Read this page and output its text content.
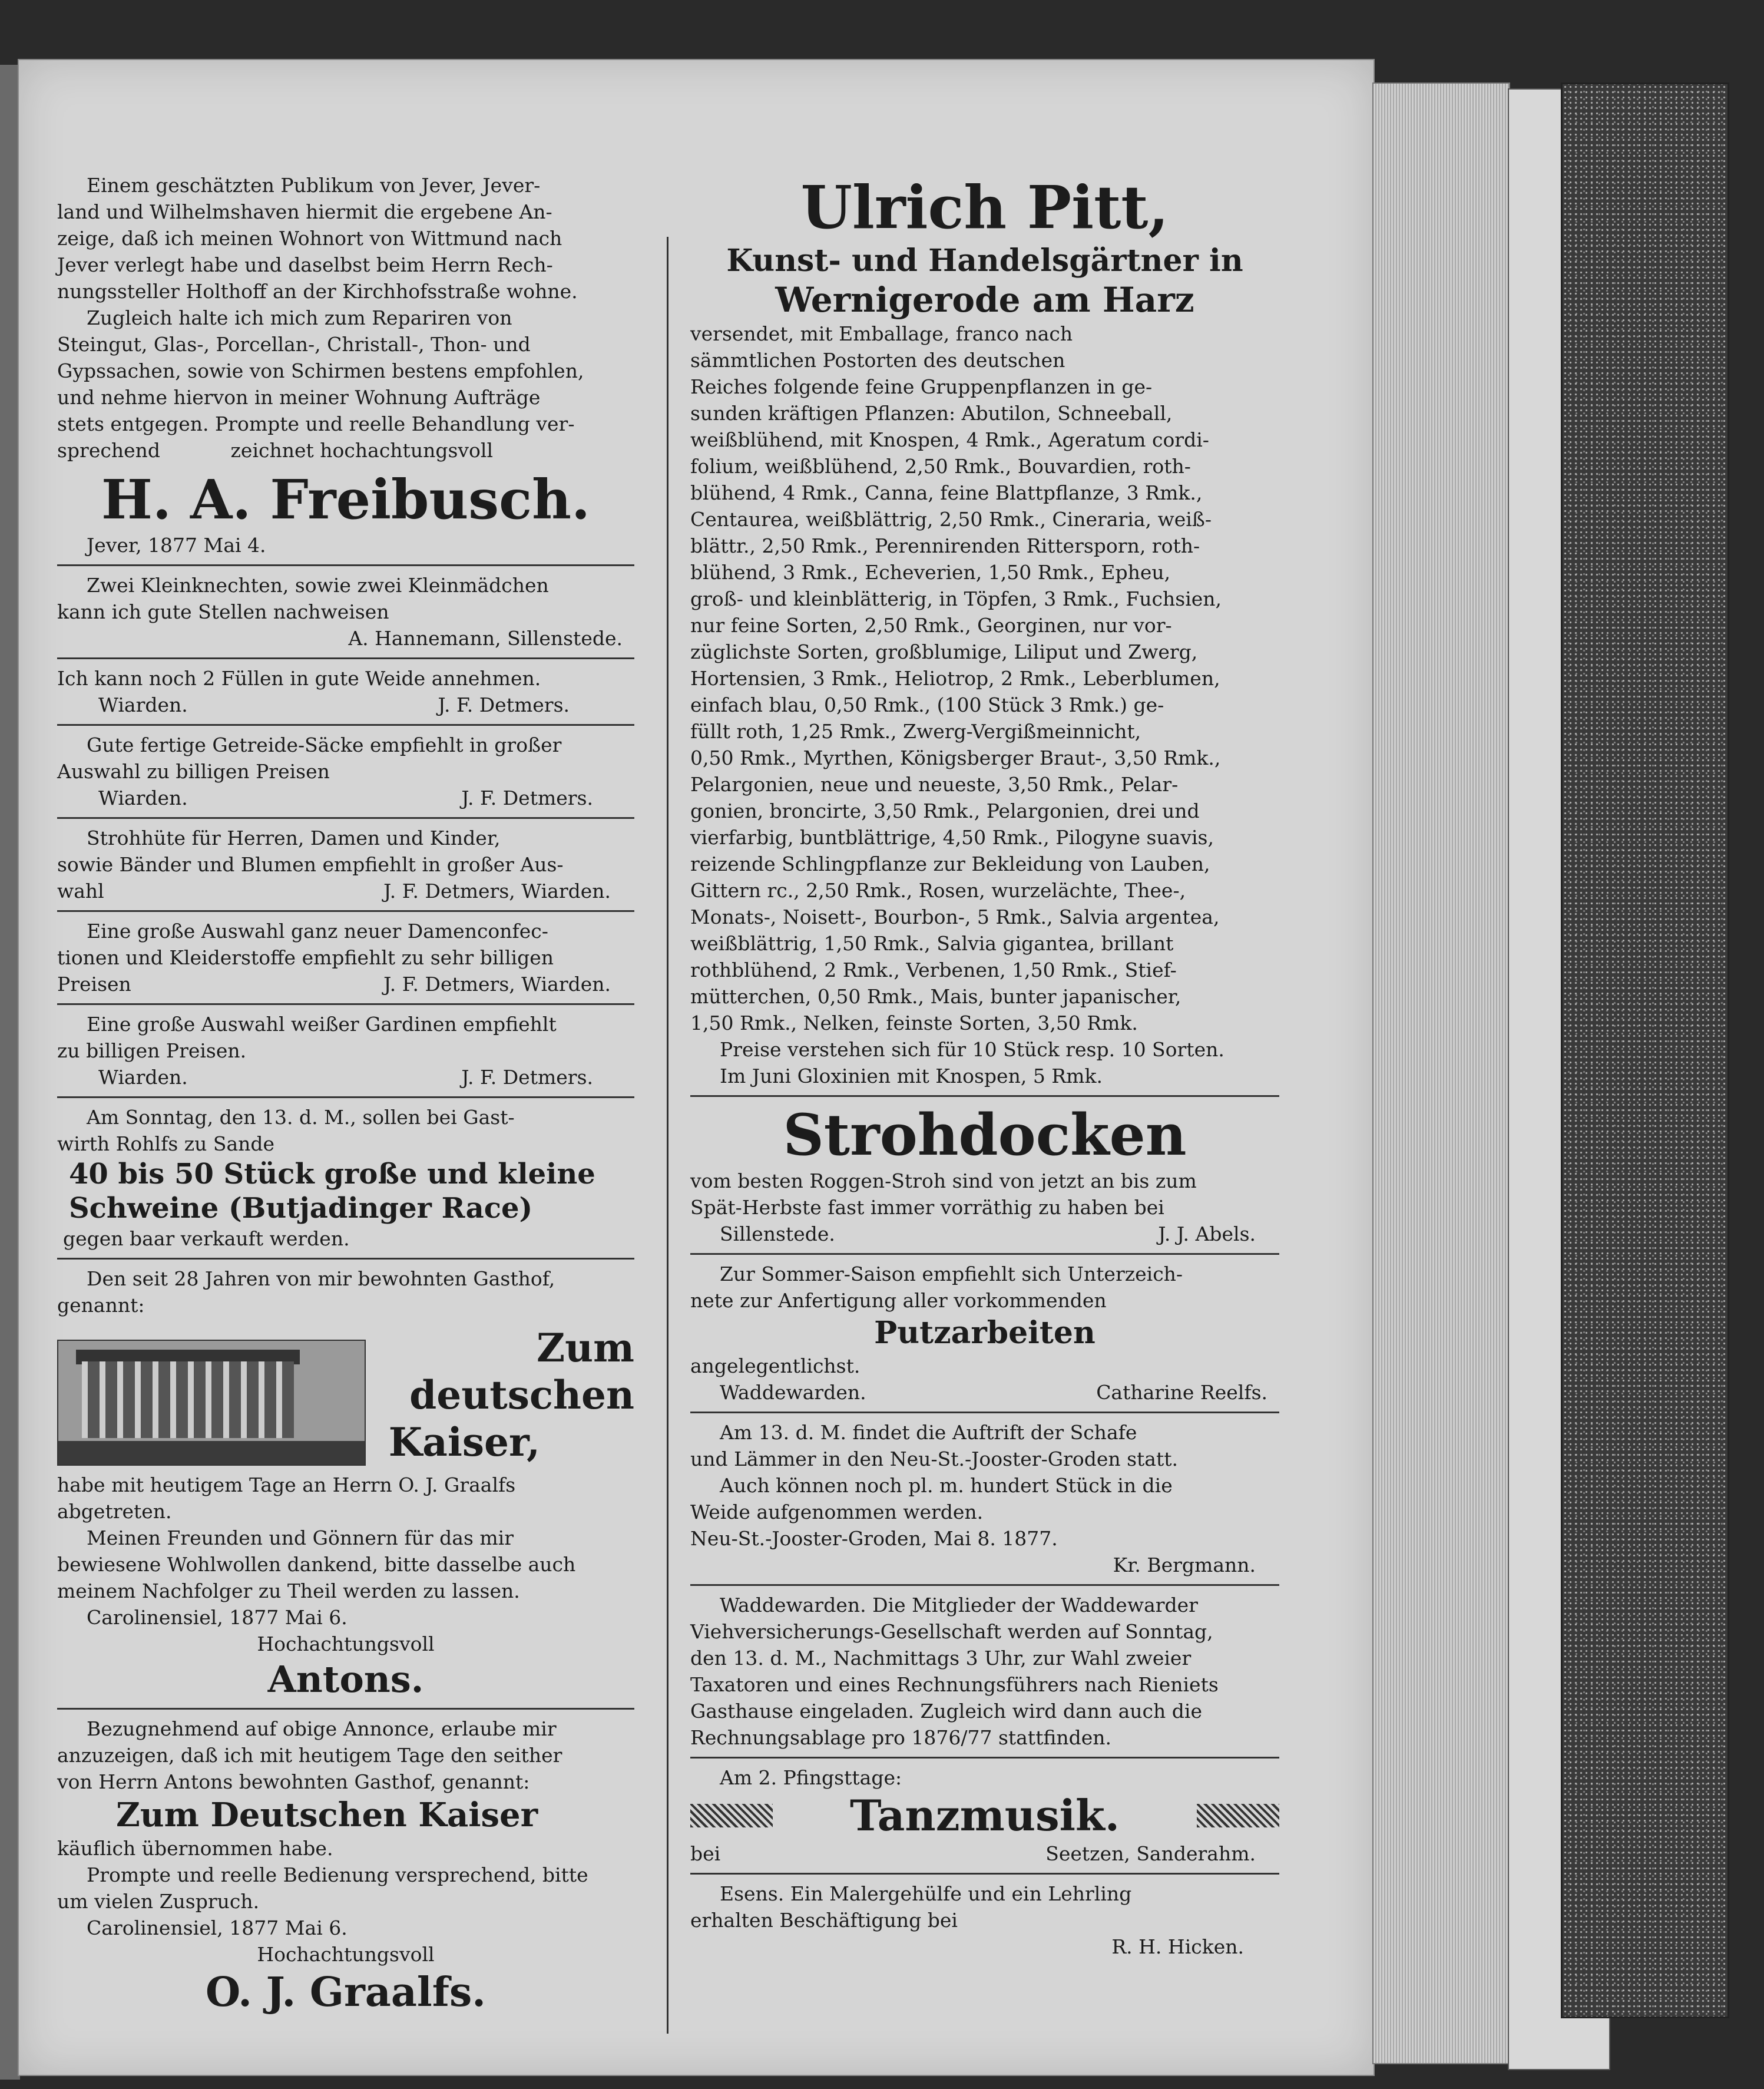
Einem geschätzten Publikum von Jever, Jever-

land und Wilhelmshaven hiermit die ergebene An-

zeige, daß ich meinen Wohnort von Wittmund nach

Jever verlegt habe und daselbst beim Herrn Rech-

nungssteller Holthoff an der Kirchhofsstraße wohne.

Zugleich halte ich mich zum Repariren von

Steingut, Glas-, Porcellan-, Christall-, Thon- und

Gypssachen, sowie von Schirmen bestens empfohlen,

und nehme hiervon in meiner Wohnung Aufträge

stets entgegen. Prompte und reelle Behandlung ver-

sprechend	zeichnet hochachtungsvoll
H. A. Freibusch.

Jever, 1877 Mai 4.

Zwei Kleinknechten, sowie zwei Kleinmädchen

kann ich gute Stellen nachweisen

A. Hannemann, Sillenstede.

Ich kann noch 2 Füllen in gute Weide annehmen.

Wiarden.	J. F. Detmers.

Gute fertige Getreide-Säcke empfiehlt in großer

Auswahl zu billigen Preisen

Wiarden.	J. F. Detmers.

Strohhüte für Herren, Damen und Kinder,

sowie Bänder und Blumen empfiehlt in großer Aus-

wahl	J. F. Detmers, Wiarden.

Eine große Auswahl ganz neuer Damenconfec-

tionen und Kleiderstoffe empfiehlt zu sehr billigen

Preisen	J. F. Detmers, Wiarden.

Eine große Auswahl weißer Gardinen empfiehlt

zu billigen Preisen.

Wiarden.	J. F. Detmers.

Am Sonntag, den 13. d. M., sollen bei Gast-

wirth Rohlfs zu Sande

40 bis 50 Stück große und kleine
Schweine (Butjadinger Race)

gegen baar verkauft werden.

Den seit 28 Jahren von mir bewohnten Gasthof,

genannt:

Zum deutschen
Kaiser,

habe mit heutigem Tage an Herrn O. J. Graalfs

abgetreten.

Meinen Freunden und Gönnern für das mir

bewiesene Wohlwollen dankend, bitte dasselbe auch

meinem Nachfolger zu Theil werden zu lassen.

Carolinensiel, 1877 Mai 6.

Hochachtungsvoll

Antons.

Bezugnehmend auf obige Annonce, erlaube mir

anzuzeigen, daß ich mit heutigem Tage den seither

von Herrn Antons bewohnten Gasthof, genannt:

Zum Deutschen Kaiser

käuflich übernommen habe.

Prompte und reelle Bedienung versprechend, bitte

um vielen Zuspruch.

Carolinensiel, 1877 Mai 6.

Hochachtungsvoll

O. J. Graalfs.
Ulrich Pitt,
Kunst- und Handelsgärtner in
Wernigerode am Harz

versendet, mit Emballage, franco nach

sämmtlichen Postorten des deutschen

Reiches folgende feine Gruppenpflanzen in ge-

sunden kräftigen Pflanzen: Abutilon, Schneeball,

weißblühend, mit Knospen, 4 Rmk., Ageratum cordi-

folium, weißblühend, 2,50 Rmk., Bouvardien, roth-

blühend, 4 Rmk., Canna, feine Blattpflanze, 3 Rmk.,

Centaurea, weißblättrig, 2,50 Rmk., Cineraria, weiß-

blättr., 2,50 Rmk., Perennirenden Rittersporn, roth-

blühend, 3 Rmk., Echeverien, 1,50 Rmk., Epheu,

groß- und kleinblätterig, in Töpfen, 3 Rmk., Fuchsien,

nur feine Sorten, 2,50 Rmk., Georginen, nur vor-

züglichste Sorten, großblumige, Liliput und Zwerg,

Hortensien, 3 Rmk., Heliotrop, 2 Rmk., Leberblumen,

einfach blau, 0,50 Rmk., (100 Stück 3 Rmk.) ge-

füllt roth, 1,25 Rmk., Zwerg-Vergißmeinnicht,

0,50 Rmk., Myrthen, Königsberger Braut-, 3,50 Rmk.,

Pelargonien, neue und neueste, 3,50 Rmk., Pelar-

gonien, broncirte, 3,50 Rmk., Pelargonien, drei und

vierfarbig, buntblättrige, 4,50 Rmk., Pilogyne suavis,

reizende Schlingpflanze zur Bekleidung von Lauben,

Gittern rc., 2,50 Rmk., Rosen, wurzelächte, Thee-,

Monats-, Noisett-, Bourbon-, 5 Rmk., Salvia argentea,

weißblättrig, 1,50 Rmk., Salvia gigantea, brillant

rothblühend, 2 Rmk., Verbenen, 1,50 Rmk., Stief-

mütterchen, 0,50 Rmk., Mais, bunter japanischer,

1,50 Rmk., Nelken, feinste Sorten, 3,50 Rmk.

Preise verstehen sich für 10 Stück resp. 10 Sorten.

Im Juni Gloxinien mit Knospen, 5 Rmk.

Strohdocken

vom besten Roggen-Stroh sind von jetzt an bis zum

Spät-Herbste fast immer vorräthig zu haben bei

Sillenstede.	J. J. Abels.

Zur Sommer-Saison empfiehlt sich Unterzeich-

nete zur Anfertigung aller vorkommenden

Putzarbeiten

angelegentlichst.

Waddewarden.	Catharine Reelfs.

Am 13. d. M. findet die Auftrift der Schafe

und Lämmer in den Neu-St.-Jooster-Groden statt.

Auch können noch pl. m. hundert Stück in die

Weide aufgenommen werden.

Neu-St.-Jooster-Groden, Mai 8. 1877.

Kr. Bergmann.

Waddewarden. Die Mitglieder der Waddewarder

Viehversicherungs-Gesellschaft werden auf Sonntag,

den 13. d. M., Nachmittags 3 Uhr, zur Wahl zweier

Taxatoren und eines Rechnungsführers nach Rieniets

Gasthause eingeladen. Zugleich wird dann auch die

Rechnungsablage pro 1876/77 stattfinden.

Am 2. Pfingsttage:

Tanzmusik.
bei	Seetzen, Sanderahm.

Esens. Ein Malergehülfe und ein Lehrling

erhalten Beschäftigung bei

R. H. Hicken.
